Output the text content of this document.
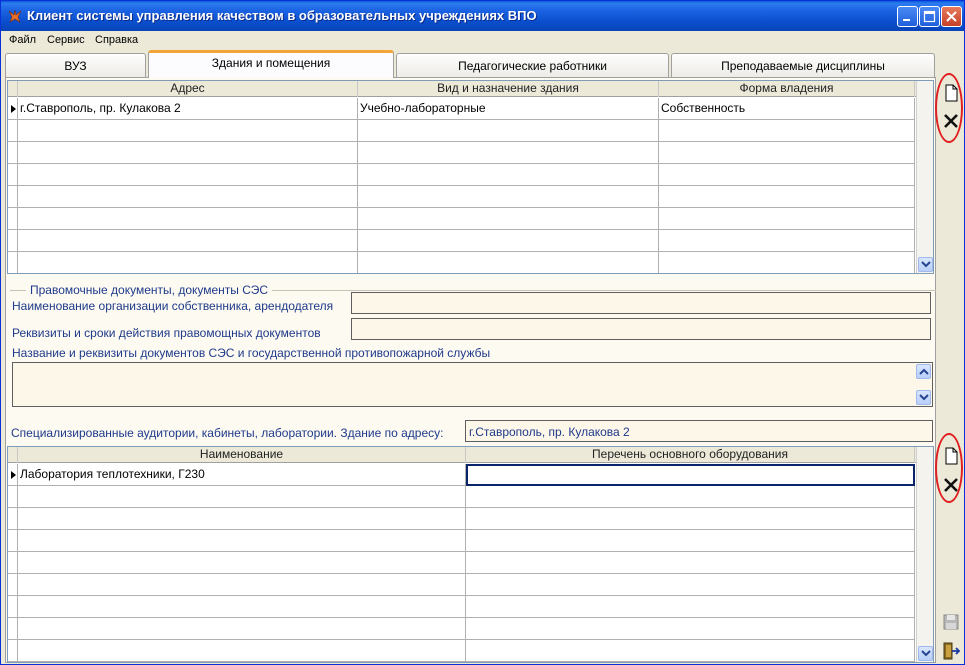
Клиент системы управления качеством в образовательных учреждениях ВПО
Файл Сервис Справка
ВУЗ	Здания и помещения	Педагогические работники	Преподаваемые дисциплины
Адрес	Вид и назначение здания	Форма владения
г.Ставрополь, пр. Кулакова 2	Учебно-лабораторные	Собственность
Правомочные документы, документы СЭС
Наименование организации собственника, арендодателя
Реквизиты и сроки действия правомощных документов
Название и реквизиты документов СЭС и государственной противопожарной службы
Специализированные аудитории, кабинеты, лаборатории. Здание по адресу: г.Ставрополь, пр. Кулакова 2
Наименование	Перечень основного оборудования
Лаборатория теплотехники, Г230
